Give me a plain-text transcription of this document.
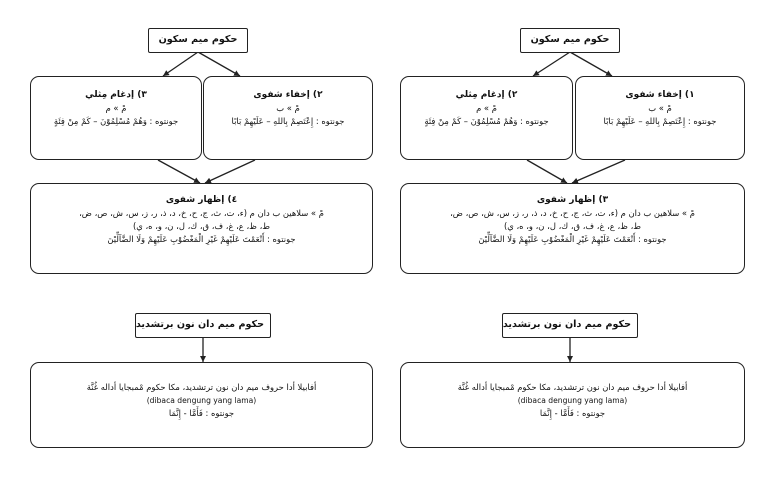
حكوم ميم سكون
٣) إدغام مِثلي
مْ » م
جونتوه : وَهُمْ مُسْلِمُوْنَ – كَمْ مِنْ فِئَةٍ
٢) إخفاء شفوى
مْ » ب
جونتوه : إِعْتَصِمْ بِاللهِ – عَلَيْهِمْ بَابًا
٤) إظهار شفوى
مْ » سلاهين ب دان م (ء، ت، ث، ج، ح، خ، د، ذ، ر، ز، س، ش، ص، ض،
ط، ظ، ع، غ، ف، ق، ك، ل، ن، و، ه، ي)
جونتوه : أَنْعَمْتَ عَلَيْهِمْ غَيْرِ الْمَغْضُوْبِ عَلَيْهِمْ وَلَا الضَّآلِّيْنَ
حكوم ميم دان نون برتشديد
أفابيلا أدا حروف ميم دان نون ترتشديد، مكا حكوم مْمبجايا أداله غُنَّة
(dibaca dengung yang lama)
جونتوه : فَأَمَّا - إِنَّمَا
حكوم ميم سكون
٢) إدغام مِثلي
مْ » م
جونتوه : وَهُمْ مُسْلِمُوْنَ – كَمْ مِنْ فِئَةٍ
١) إخفاء شفوى
مْ » ب
جونتوه : إِعْتَصِمْ بِاللهِ – عَلَيْهِمْ بَابًا
٣) إظهار شفوى
مْ » سلاهين ب دان م (ء، ت، ث، ج، ح، خ، د، ذ، ر، ز، س، ش، ص، ض،
ط، ظ، ع، غ، ف، ق، ك، ل، ن، و، ه، ي)
جونتوه : أَنْعَمْتَ عَلَيْهِمْ غَيْرِ الْمَغْضُوْبِ عَلَيْهِمْ وَلَا الضَّآلِّيْنَ
حكوم ميم دان نون برتشديد
أفابيلا أدا حروف ميم دان نون ترتشديد، مكا حكوم مْمبجايا أداله غُنَّة
(dibaca dengung yang lama)
جونتوه : فَأَمَّا - إِنَّمَا
